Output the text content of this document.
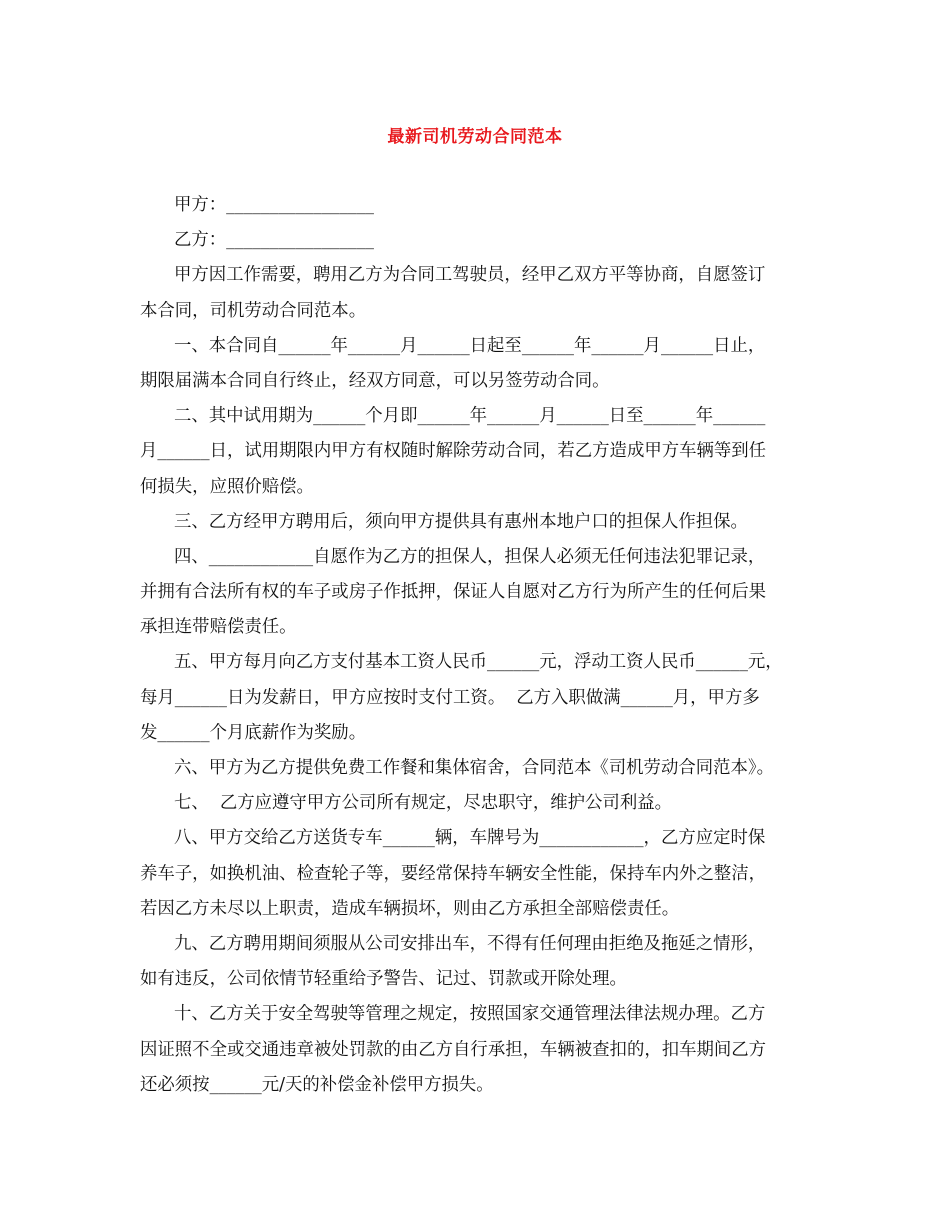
最新司机劳动合同范本

甲方：_________________

乙方：_________________

甲方因工作需要，聘用乙方为合同工驾驶员，经甲乙双方平等协商，自愿签订

本合同，司机劳动合同范本。

一、本合同自______年______月______日起至______年______月______日止，

期限届满本合同自行终止，经双方同意，可以另签劳动合同。

二、其中试用期为______个月即______年______月______日至______年______

月______日，试用期限内甲方有权随时解除劳动合同，若乙方造成甲方车辆等到任

何损失，应照价赔偿。

三、乙方经甲方聘用后，须向甲方提供具有惠州本地户口的担保人作担保。

四、____________自愿作为乙方的担保人，担保人必须无任何违法犯罪记录，

并拥有合法所有权的车子或房子作抵押，保证人自愿对乙方行为所产生的任何后果

承担连带赔偿责任。

五、甲方每月向乙方支付基本工资人民币______元，浮动工资人民币______元，

每月______日为发薪日，甲方应按时支付工资。  乙方入职做满______月，甲方多

发______个月底薪作为奖励。

六、甲方为乙方提供免费工作餐和集体宿舍，合同范本《司机劳动合同范本》。

七、  乙方应遵守甲方公司所有规定，尽忠职守，维护公司利益。

八、甲方交给乙方送货专车______辆，车牌号为____________，乙方应定时保

养车子，如换机油、检查轮子等，要经常保持车辆安全性能，保持车内外之整洁，

若因乙方未尽以上职责，造成车辆损坏，则由乙方承担全部赔偿责任。

九、乙方聘用期间须服从公司安排出车，不得有任何理由拒绝及拖延之情形，

如有违反，公司依情节轻重给予警告、记过、罚款或开除处理。

十、乙方关于安全驾驶等管理之规定，按照国家交通管理法律法规办理。乙方

因证照不全或交通违章被处罚款的由乙方自行承担，车辆被查扣的，扣车期间乙方

还必须按______元/天的补偿金补偿甲方损失。
